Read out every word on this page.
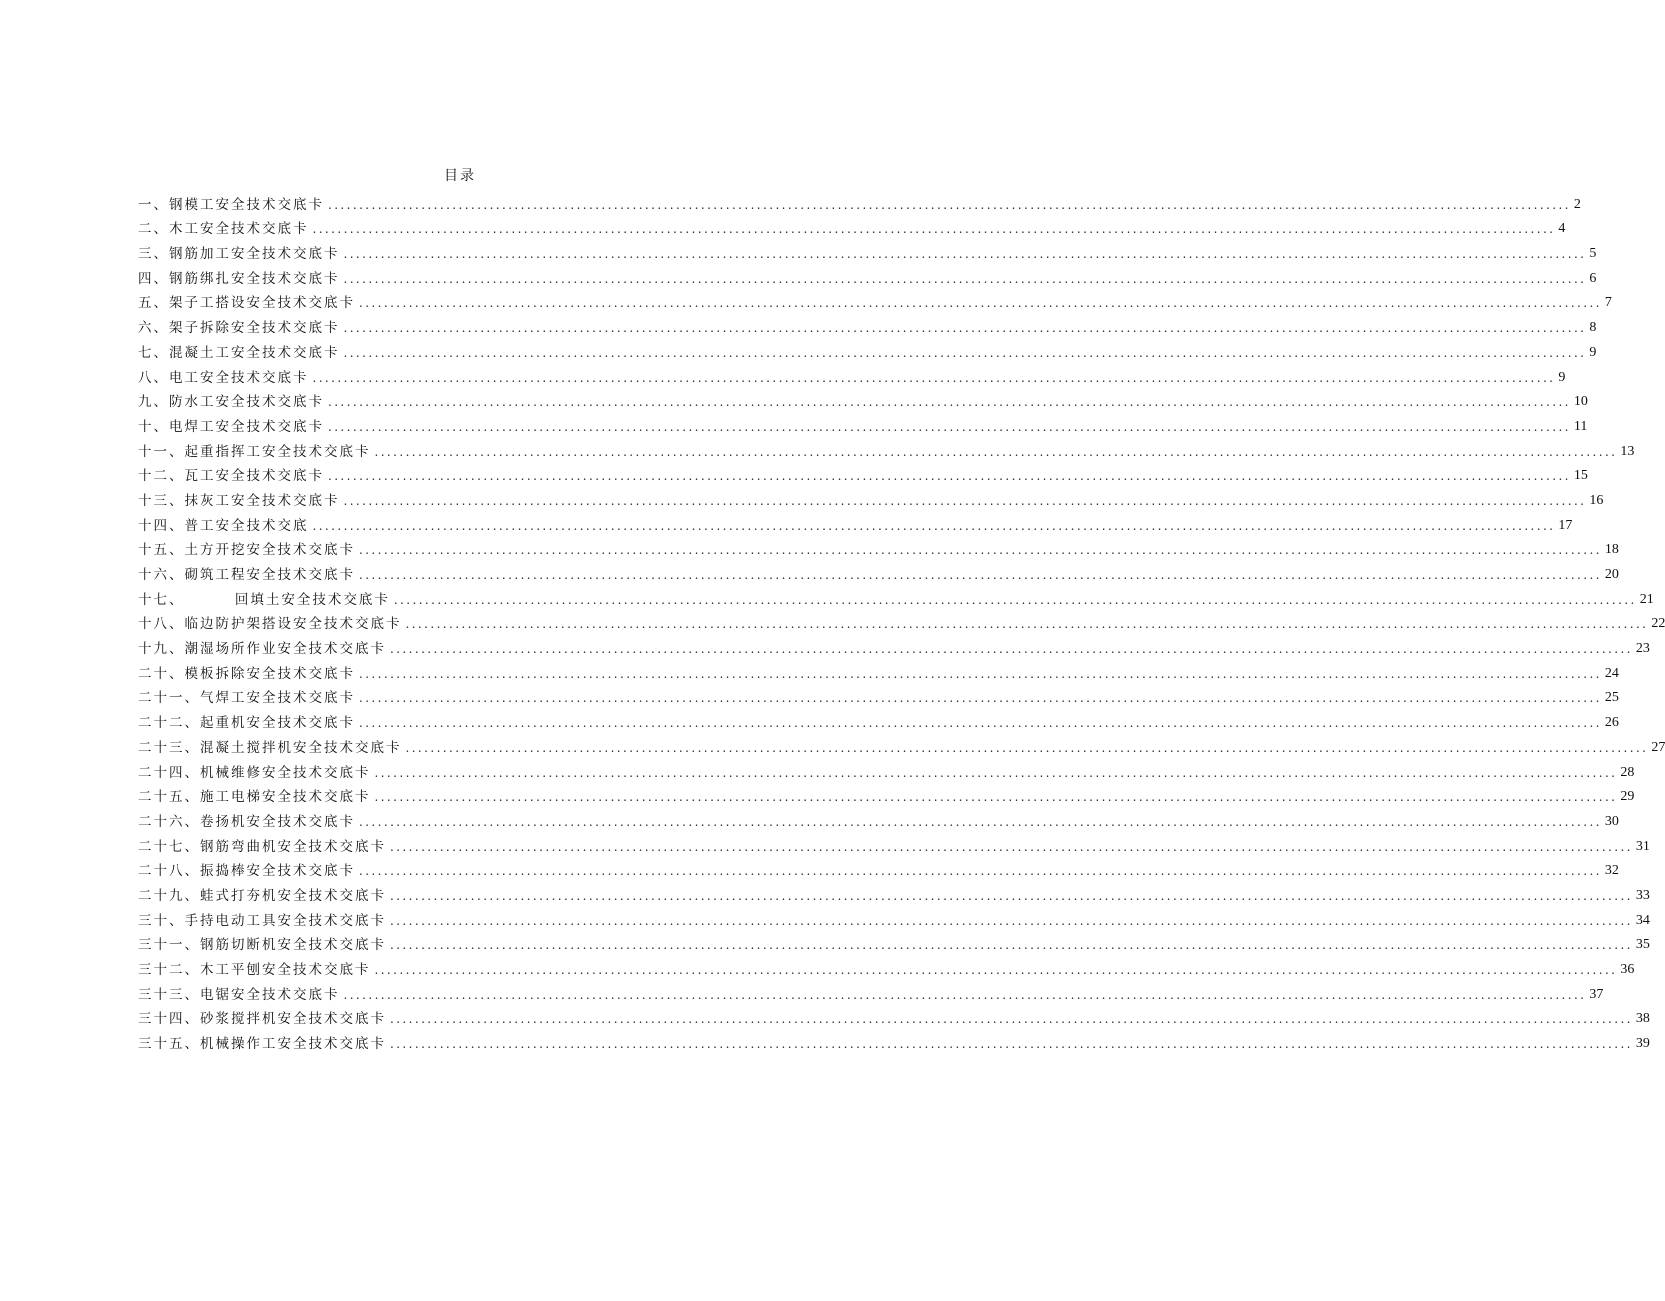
目录
一、钢模工安全技术交底卡 ........................................................................................................................................................................................................ 2
二、木工安全技术交底卡 ........................................................................................................................................................................................................ 4
三、钢筋加工安全技术交底卡 ........................................................................................................................................................................................................ 5
四、钢筋绑扎安全技术交底卡 ........................................................................................................................................................................................................ 6
五、架子工搭设安全技术交底卡 ........................................................................................................................................................................................................ 7
六、架子拆除安全技术交底卡 ........................................................................................................................................................................................................ 8
七、混凝土工安全技术交底卡 ........................................................................................................................................................................................................ 9
八、电工安全技术交底卡 ........................................................................................................................................................................................................ 9
九、防水工安全技术交底卡 ........................................................................................................................................................................................................ 10
十、电焊工安全技术交底卡 ........................................................................................................................................................................................................ 11
十一、起重指挥工安全技术交底卡 ........................................................................................................................................................................................................ 13
十二、瓦工安全技术交底卡 ........................................................................................................................................................................................................ 15
十三、抹灰工安全技术交底卡 ........................................................................................................................................................................................................ 16
十四、普工安全技术交底 ........................................................................................................................................................................................................ 17
十五、土方开挖安全技术交底卡 ........................................................................................................................................................................................................ 18
十六、砌筑工程安全技术交底卡 ........................................................................................................................................................................................................ 20
十七、        回填土安全技术交底卡 ........................................................................................................................................................................................................ 21
十八、临边防护架搭设安全技术交底卡 ........................................................................................................................................................................................................ 22
十九、潮湿场所作业安全技术交底卡 ........................................................................................................................................................................................................ 23
二十、模板拆除安全技术交底卡 ........................................................................................................................................................................................................ 24
二十一、气焊工安全技术交底卡 ........................................................................................................................................................................................................ 25
二十二、起重机安全技术交底卡 ........................................................................................................................................................................................................ 26
二十三、混凝土搅拌机安全技术交底卡 ........................................................................................................................................................................................................ 27
二十四、机械维修安全技术交底卡 ........................................................................................................................................................................................................ 28
二十五、施工电梯安全技术交底卡 ........................................................................................................................................................................................................ 29
二十六、卷扬机安全技术交底卡 ........................................................................................................................................................................................................ 30
二十七、钢筋弯曲机安全技术交底卡 ........................................................................................................................................................................................................ 31
二十八、振捣棒安全技术交底卡 ........................................................................................................................................................................................................ 32
二十九、蛙式打夯机安全技术交底卡 ........................................................................................................................................................................................................ 33
三十、手持电动工具安全技术交底卡 ........................................................................................................................................................................................................ 34
三十一、钢筋切断机安全技术交底卡 ........................................................................................................................................................................................................ 35
三十二、木工平刨安全技术交底卡 ........................................................................................................................................................................................................ 36
三十三、电锯安全技术交底卡 ........................................................................................................................................................................................................ 37
三十四、砂浆搅拌机安全技术交底卡 ........................................................................................................................................................................................................ 38
三十五、机械操作工安全技术交底卡 ........................................................................................................................................................................................................ 39
